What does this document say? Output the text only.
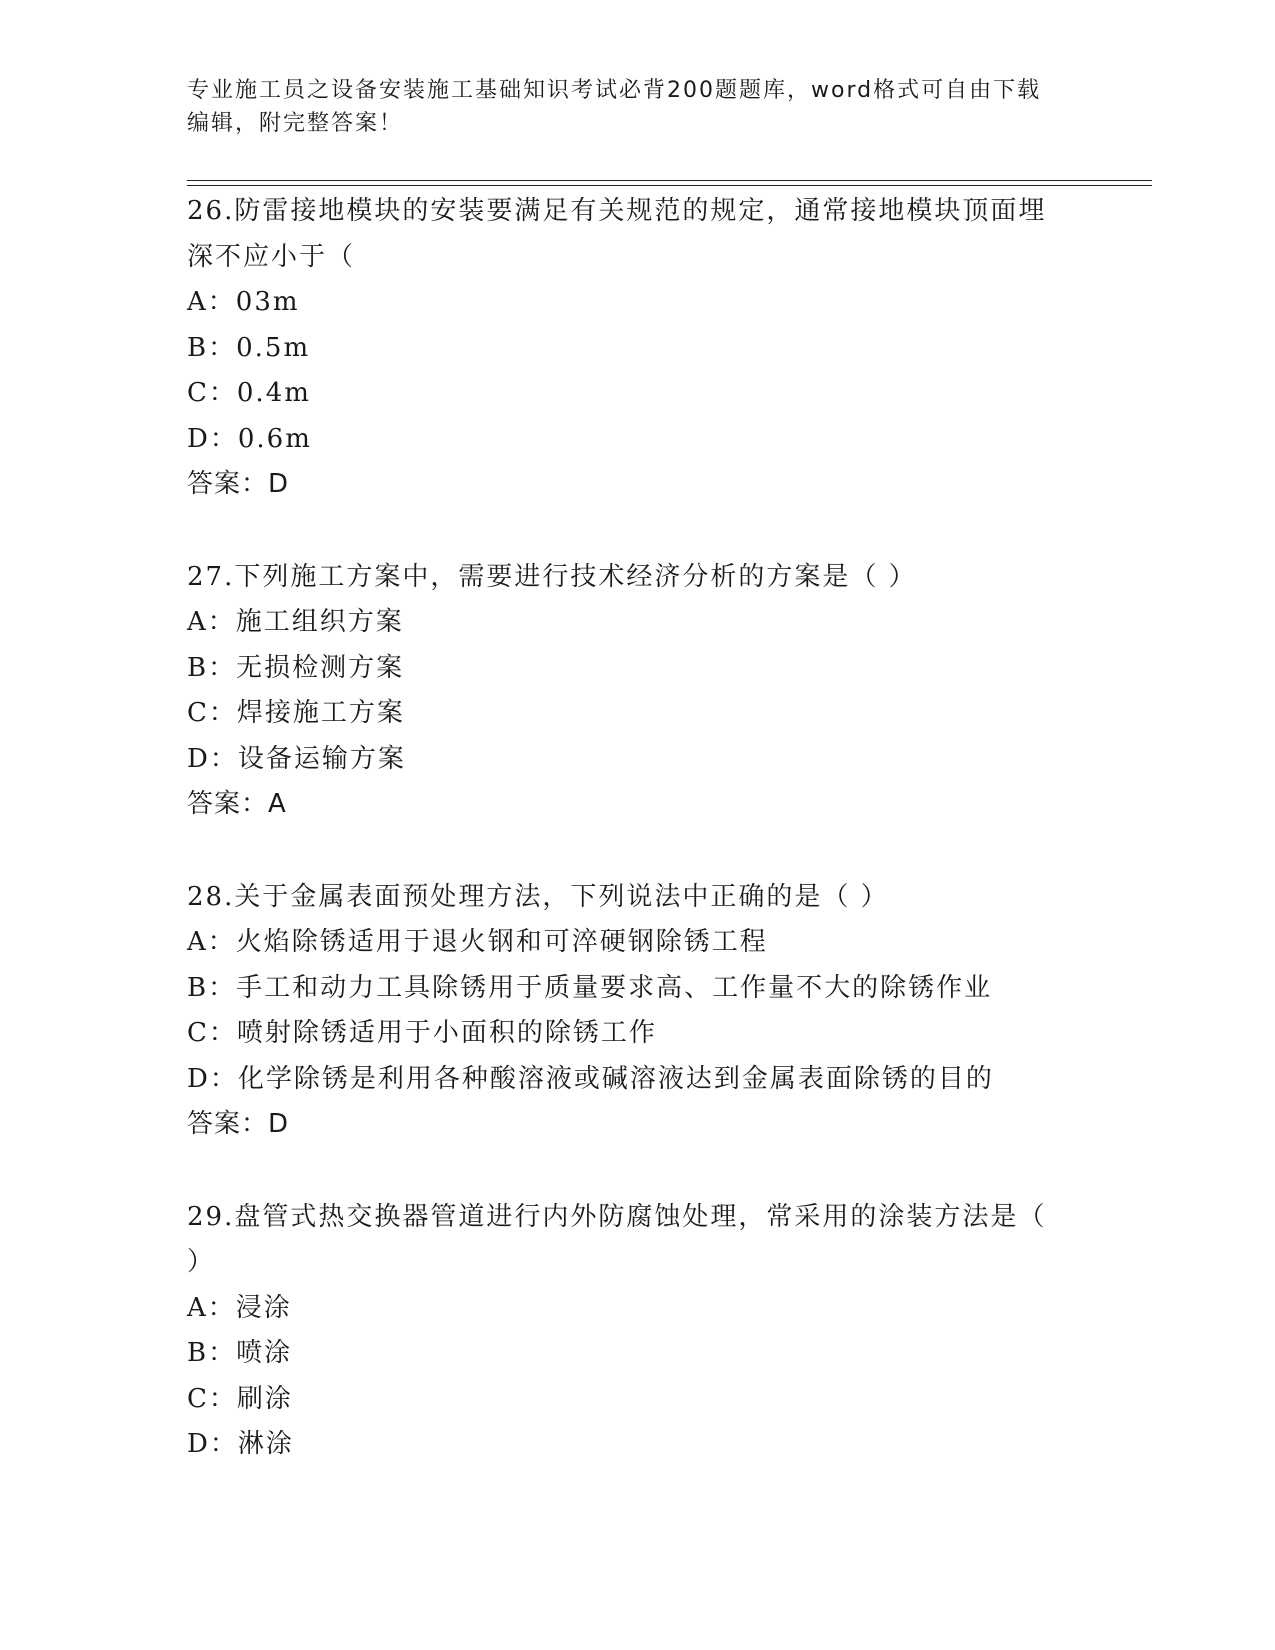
专业施工员之设备安装施工基础知识考试必背200题题库，word格式可自由下载
编辑，附完整答案！
26.防雷接地模块的安装要满足有关规范的规定，通常接地模块顶面埋
深不应小于（
A：03m
B：0.5m
C：0.4m
D：0.6m
答案：D
27.下列施工方案中，需要进行技术经济分析的方案是（ ）
A：施工组织方案
B：无损检测方案
C：焊接施工方案
D：设备运输方案
答案：A
28.关于金属表面预处理方法，下列说法中正确的是（ ）
A：火焰除锈适用于退火钢和可淬硬钢除锈工程
B：手工和动力工具除锈用于质量要求高、工作量不大的除锈作业
C：喷射除锈适用于小面积的除锈工作
D：化学除锈是利用各种酸溶液或碱溶液达到金属表面除锈的目的
答案：D
29.盘管式热交换器管道进行内外防腐蚀处理，常采用的涂装方法是（
）
A：浸涂
B：喷涂
C：刷涂
D：淋涂
